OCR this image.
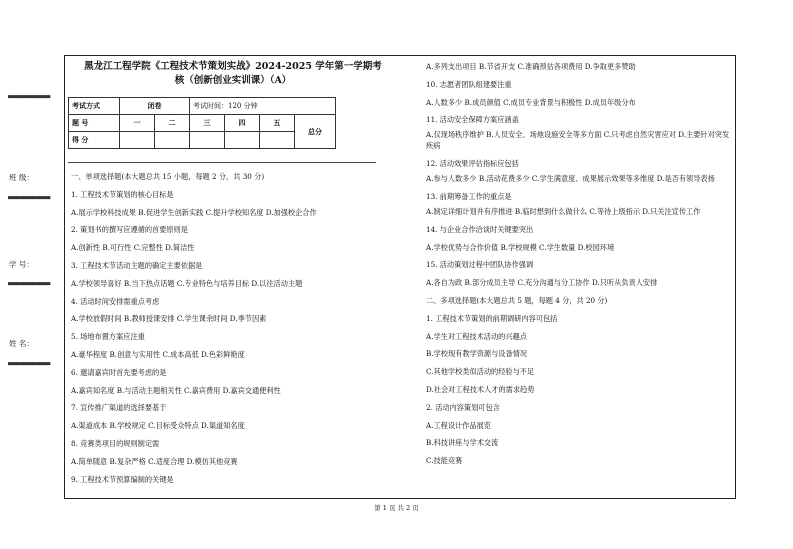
■■■■■■■■■■■■■■■
班 级：
■■■■■■■■■■■■■■■
学 号：
■■■■■■■■■■■■■■■
姓 名：
■■■■■■■■■■■■■■■
黑龙江工程学院《工程技术节策划实战》2024-2025 学年第一学期考
核（创新创业实训课）（A）
考试方式	闭卷		考试时间：120 分钟			
题 号	一	二	三	四	五	总分
得 分						
一、单项选择题(本大题总共 15 小题，每题 2 分，共 30 分)
1. 工程技术节策划的核心目标是
A.展示学校科技成果 B.促进学生创新实践 C.提升学校知名度 D.加强校企合作
2. 策划书的撰写应遵循的首要原则是
A.创新性 B.可行性 C.完整性 D.简洁性
3. 工程技术节活动主题的确定主要依据是
A.学校领导喜好 B.当下热点话题 C.专业特色与培养目标 D.以往活动主题
4. 活动时间安排需重点考虑
A.学校放假时间 B.教师授课安排 C.学生课余时间 D.季节因素
5. 场地布置方案应注重
A.豪华程度 B.创意与实用性 C.成本高低 D.色彩鲜艳度
6. 邀请嘉宾时首先要考虑的是
A.嘉宾知名度 B.与活动主题相关性 C.嘉宾费用 D.嘉宾交通便利性
7. 宣传推广渠道的选择要基于
A.渠道成本 B.学校规定 C.目标受众特点 D.渠道知名度
8. 竞赛类项目的规则制定需
A.简单随意 B.复杂严格 C.适度合理 D.模仿其他竞赛
9. 工程技术节预算编制的关键是
A.多列支出项目 B.节省开支 C.准确预估各项费用 D.争取更多赞助
10. 志愿者团队组建要注重
A.人数多少 B.成员颜值 C.成员专业背景与积极性 D.成员年级分布
11. 活动安全保障方案应涵盖
A.仅现场秩序维护 B.人员安全、场地设施安全等多方面 C.只考虑自然灾害应对 D.主要针对突发疾病
12. 活动效果评估指标应包括
A.参与人数多少 B.活动花费多少 C.学生满意度、成果展示效果等多维度 D.是否有领导表扬
13. 前期筹备工作的重点是
A.制定详细计划并有序推进 B.临时想到什么做什么 C.等待上级指示 D.只关注宣传工作
14. 与企业合作洽谈时关键要突出
A.学校优势与合作价值 B.学校规模 C.学生数量 D.校园环境
15. 活动策划过程中团队协作强调
A.各自为政 B.部分成员主导 C.充分沟通与分工协作 D.只听从负责人安排
二、多项选择题(本大题总共 5 题，每题 4 分，共 20 分)
1. 工程技术节策划的前期调研内容可包括
A.学生对工程技术活动的兴趣点
B.学校现有教学资源与设备情况
C.其他学校类似活动的经验与不足
D.社会对工程技术人才的需求趋势
2. 活动内容策划可包含
A.工程设计作品展览
B.科技讲座与学术交流
C.技能竞赛
第 1 页 共 2 页
